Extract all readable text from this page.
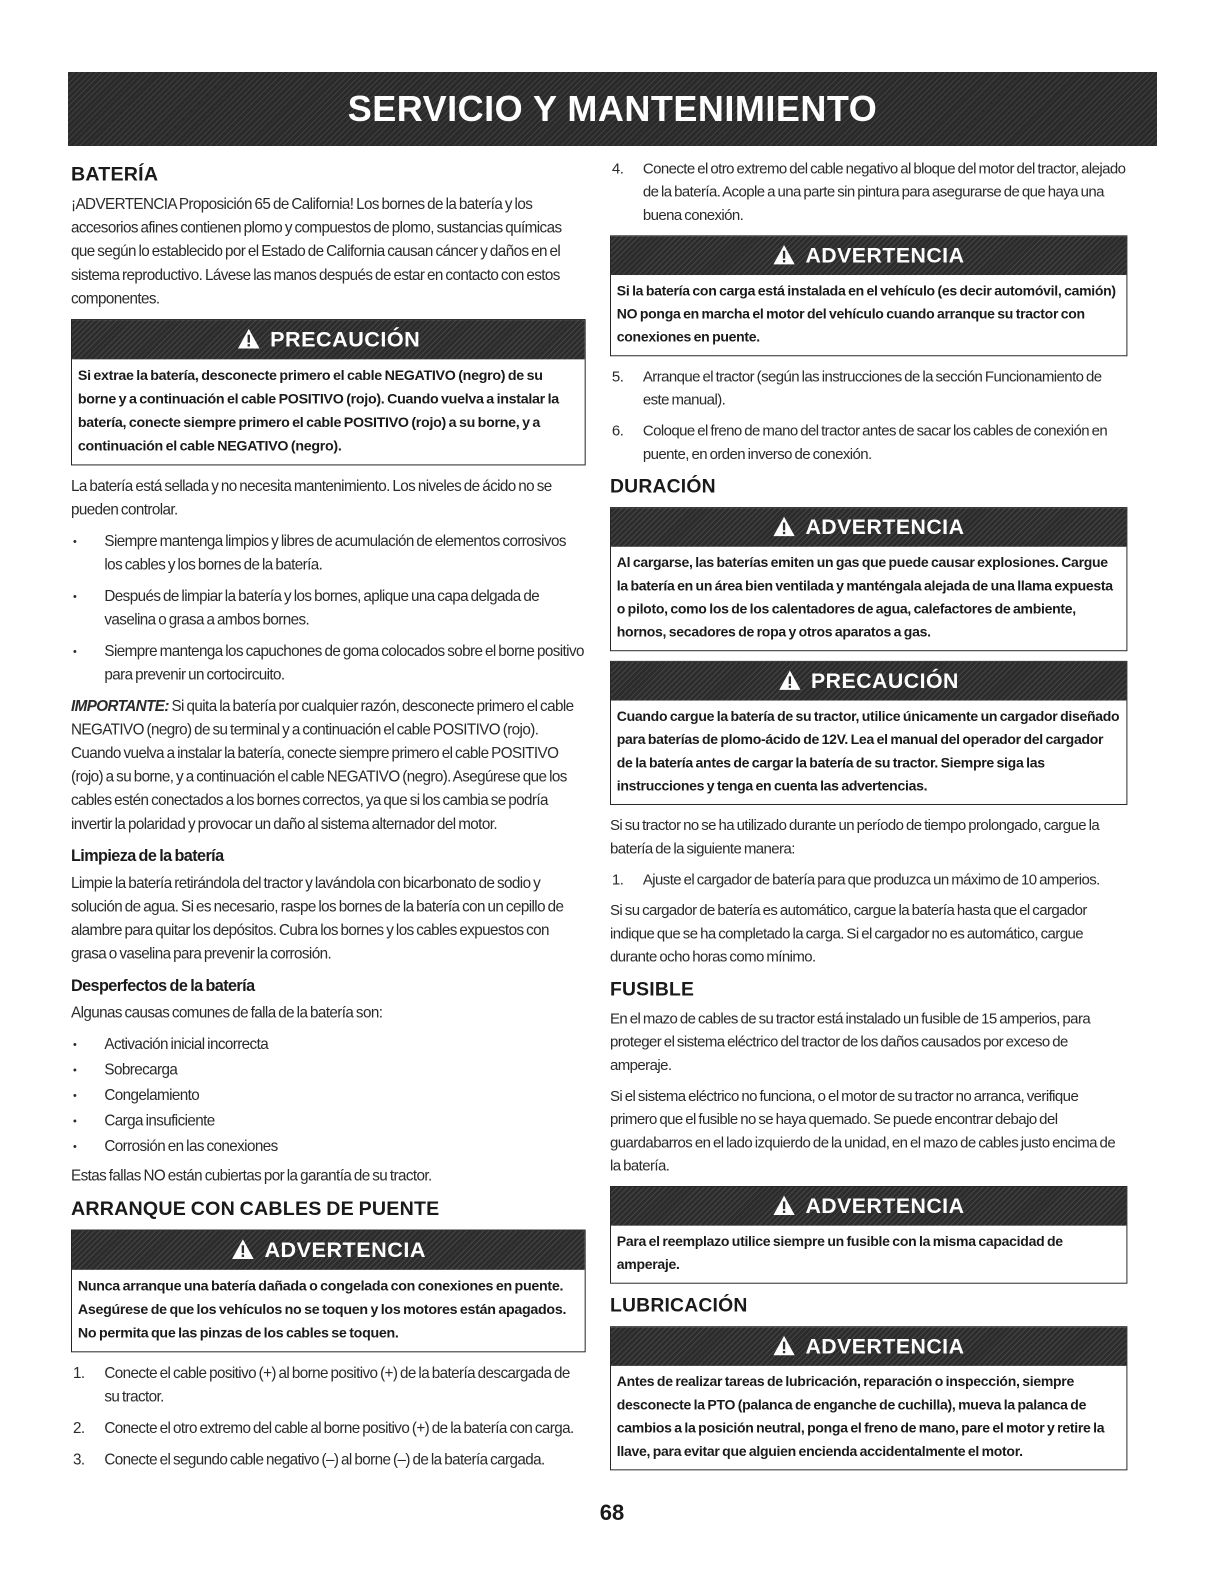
SERVICIO Y MANTENIMIENTO
BATERÍA

¡ADVERTENCIA Proposición 65 de California! Los bornes de la batería y los accesorios afines contienen plomo y compuestos de plomo, sustancias químicas que según lo establecido por el Estado de California causan cáncer y daños en el sistema reproductivo. Lávese las manos después de estar en contacto con estos componentes.

PRECAUCIÓN
Si extrae la batería, desconecte primero el cable NEGATIVO (negro) de su borne y a continuación el cable POSITIVO (rojo). Cuando vuelva a instalar la batería, conecte siempre primero el cable POSITIVO (rojo) a su borne, y a continuación el cable NEGATIVO (negro).

La batería está sellada y no necesita mantenimiento. Los niveles de ácido no se pueden controlar.

• Siempre mantenga limpios y libres de acumulación de elementos corrosivos los cables y los bornes de la batería.
• Después de limpiar la batería y los bornes, aplique una capa delgada de vaselina o grasa a ambos bornes.
• Siempre mantenga los capuchones de goma colocados sobre el borne positivo para prevenir un cortocircuito.

IMPORTANTE: Si quita la batería por cualquier razón, desconecte primero el cable NEGATIVO (negro) de su terminal y a continuación el cable POSITIVO (rojo). Cuando vuelva a instalar la batería, conecte siempre primero el cable POSITIVO (rojo) a su borne, y a continuación el cable NEGATIVO (negro). Asegúrese que los cables estén conectados a los bornes correctos, ya que si los cambia se podría invertir la polaridad y provocar un daño al sistema alternador del motor.

Limpieza de la batería

Limpie la batería retirándola del tractor y lavándola con bicarbonato de sodio y solución de agua. Si es necesario, raspe los bornes de la batería con un cepillo de alambre para quitar los depósitos. Cubra los bornes y los cables expuestos con grasa o vaselina para prevenir la corrosión.

Desperfectos de la batería

Algunas causas comunes de falla de la batería son:

• Activación inicial incorrecta
• Sobrecarga
• Congelamiento
• Carga insuficiente
• Corrosión en las conexiones

Estas fallas NO están cubiertas por la garantía de su tractor.

ARRANQUE CON CABLES DE PUENTE
ADVERTENCIA
Nunca arranque una batería dañada o congelada con conexiones en puente. Asegúrese de que los vehículos no se toquen y los motores están apagados. No permita que las pinzas de los cables se toquen.
1. Conecte el cable positivo (+) al borne positivo (+) de la batería descargada de su tractor.
2. Conecte el otro extremo del cable al borne positivo (+) de la batería con carga.
3. Conecte el segundo cable negativo (–) al borne (–) de la batería cargada.
4. Conecte el otro extremo del cable negativo al bloque del motor del tractor, alejado de la batería. Acople a una parte sin pintura para asegurarse de que haya una buena conexión.
ADVERTENCIA
Si la batería con carga está instalada en el vehículo (es decir automóvil, camión) NO ponga en marcha el motor del vehículo cuando arranque su tractor con conexiones en puente.
5. Arranque el tractor (según las instrucciones de la sección Funcionamiento de este manual).
6. Coloque el freno de mano del tractor antes de sacar los cables de conexión en puente, en orden inverso de conexión.
DURACIÓN
ADVERTENCIA
Al cargarse, las baterías emiten un gas que puede causar explosiones. Cargue la batería en un área bien ventilada y manténgala alejada de una llama expuesta o piloto, como los de los calentadores de agua, calefactores de ambiente, hornos, secadores de ropa y otros aparatos a gas.
PRECAUCIÓN
Cuando cargue la batería de su tractor, utilice únicamente un cargador diseñado para baterías de plomo-ácido de 12V. Lea el manual del operador del cargador de la batería antes de cargar la batería de su tractor. Siempre siga las instrucciones y tenga en cuenta las advertencias.

Si su tractor no se ha utilizado durante un período de tiempo prolongado, cargue la batería de la siguiente manera:

1. Ajuste el cargador de batería para que produzca un máximo de 10 amperios.

Si su cargador de batería es automático, cargue la batería hasta que el cargador indique que se ha completado la carga. Si el cargador no es automático, cargue durante ocho horas como mínimo.

FUSIBLE

En el mazo de cables de su tractor está instalado un fusible de 15 amperios, para proteger el sistema eléctrico del tractor de los daños causados por exceso de amperaje.

Si el sistema eléctrico no funciona, o el motor de su tractor no arranca, verifique primero que el fusible no se haya quemado. Se puede encontrar debajo del guardabarros en el lado izquierdo de la unidad, en el mazo de cables justo encima de la batería.

ADVERTENCIA
Para el reemplazo utilice siempre un fusible con la misma capacidad de amperaje.
LUBRICACIÓN
ADVERTENCIA
Antes de realizar tareas de lubricación, reparación o inspección, siempre desconecte la PTO (palanca de enganche de cuchilla), mueva la palanca de cambios a la posición neutral, ponga el freno de mano, pare el motor y retire la llave, para evitar que alguien encienda accidentalmente el motor.
68
